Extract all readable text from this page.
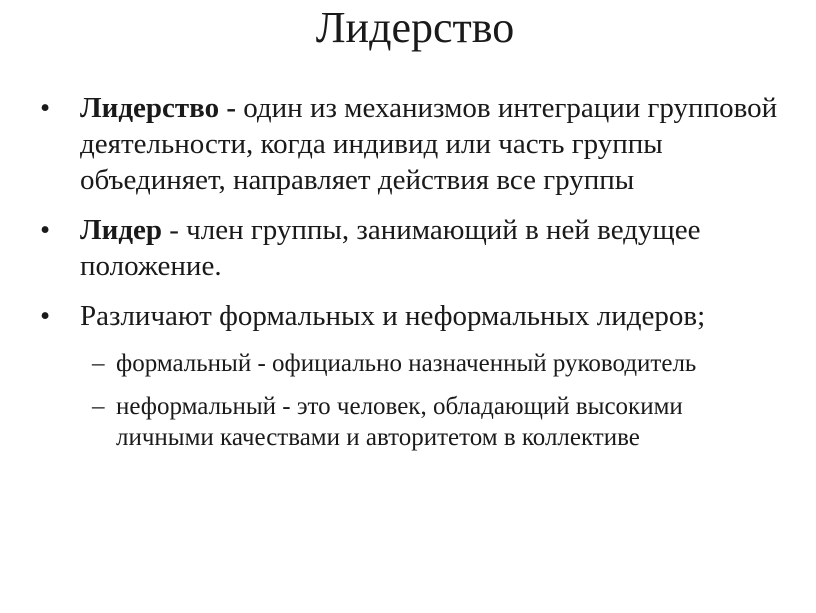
Лидерство
• Лидерство - один из механизмов интеграции групповой деятельности, когда индивид или часть группы объединяет, направляет действия все группы
• Лидер - член группы, занимающий в ней ведущее положение.
• Различают формальных и неформальных лидеров;
– формальный - официально назначенный руководитель
– неформальный - это человек, обладающий высокими личными качествами и авторитетом в коллективе
